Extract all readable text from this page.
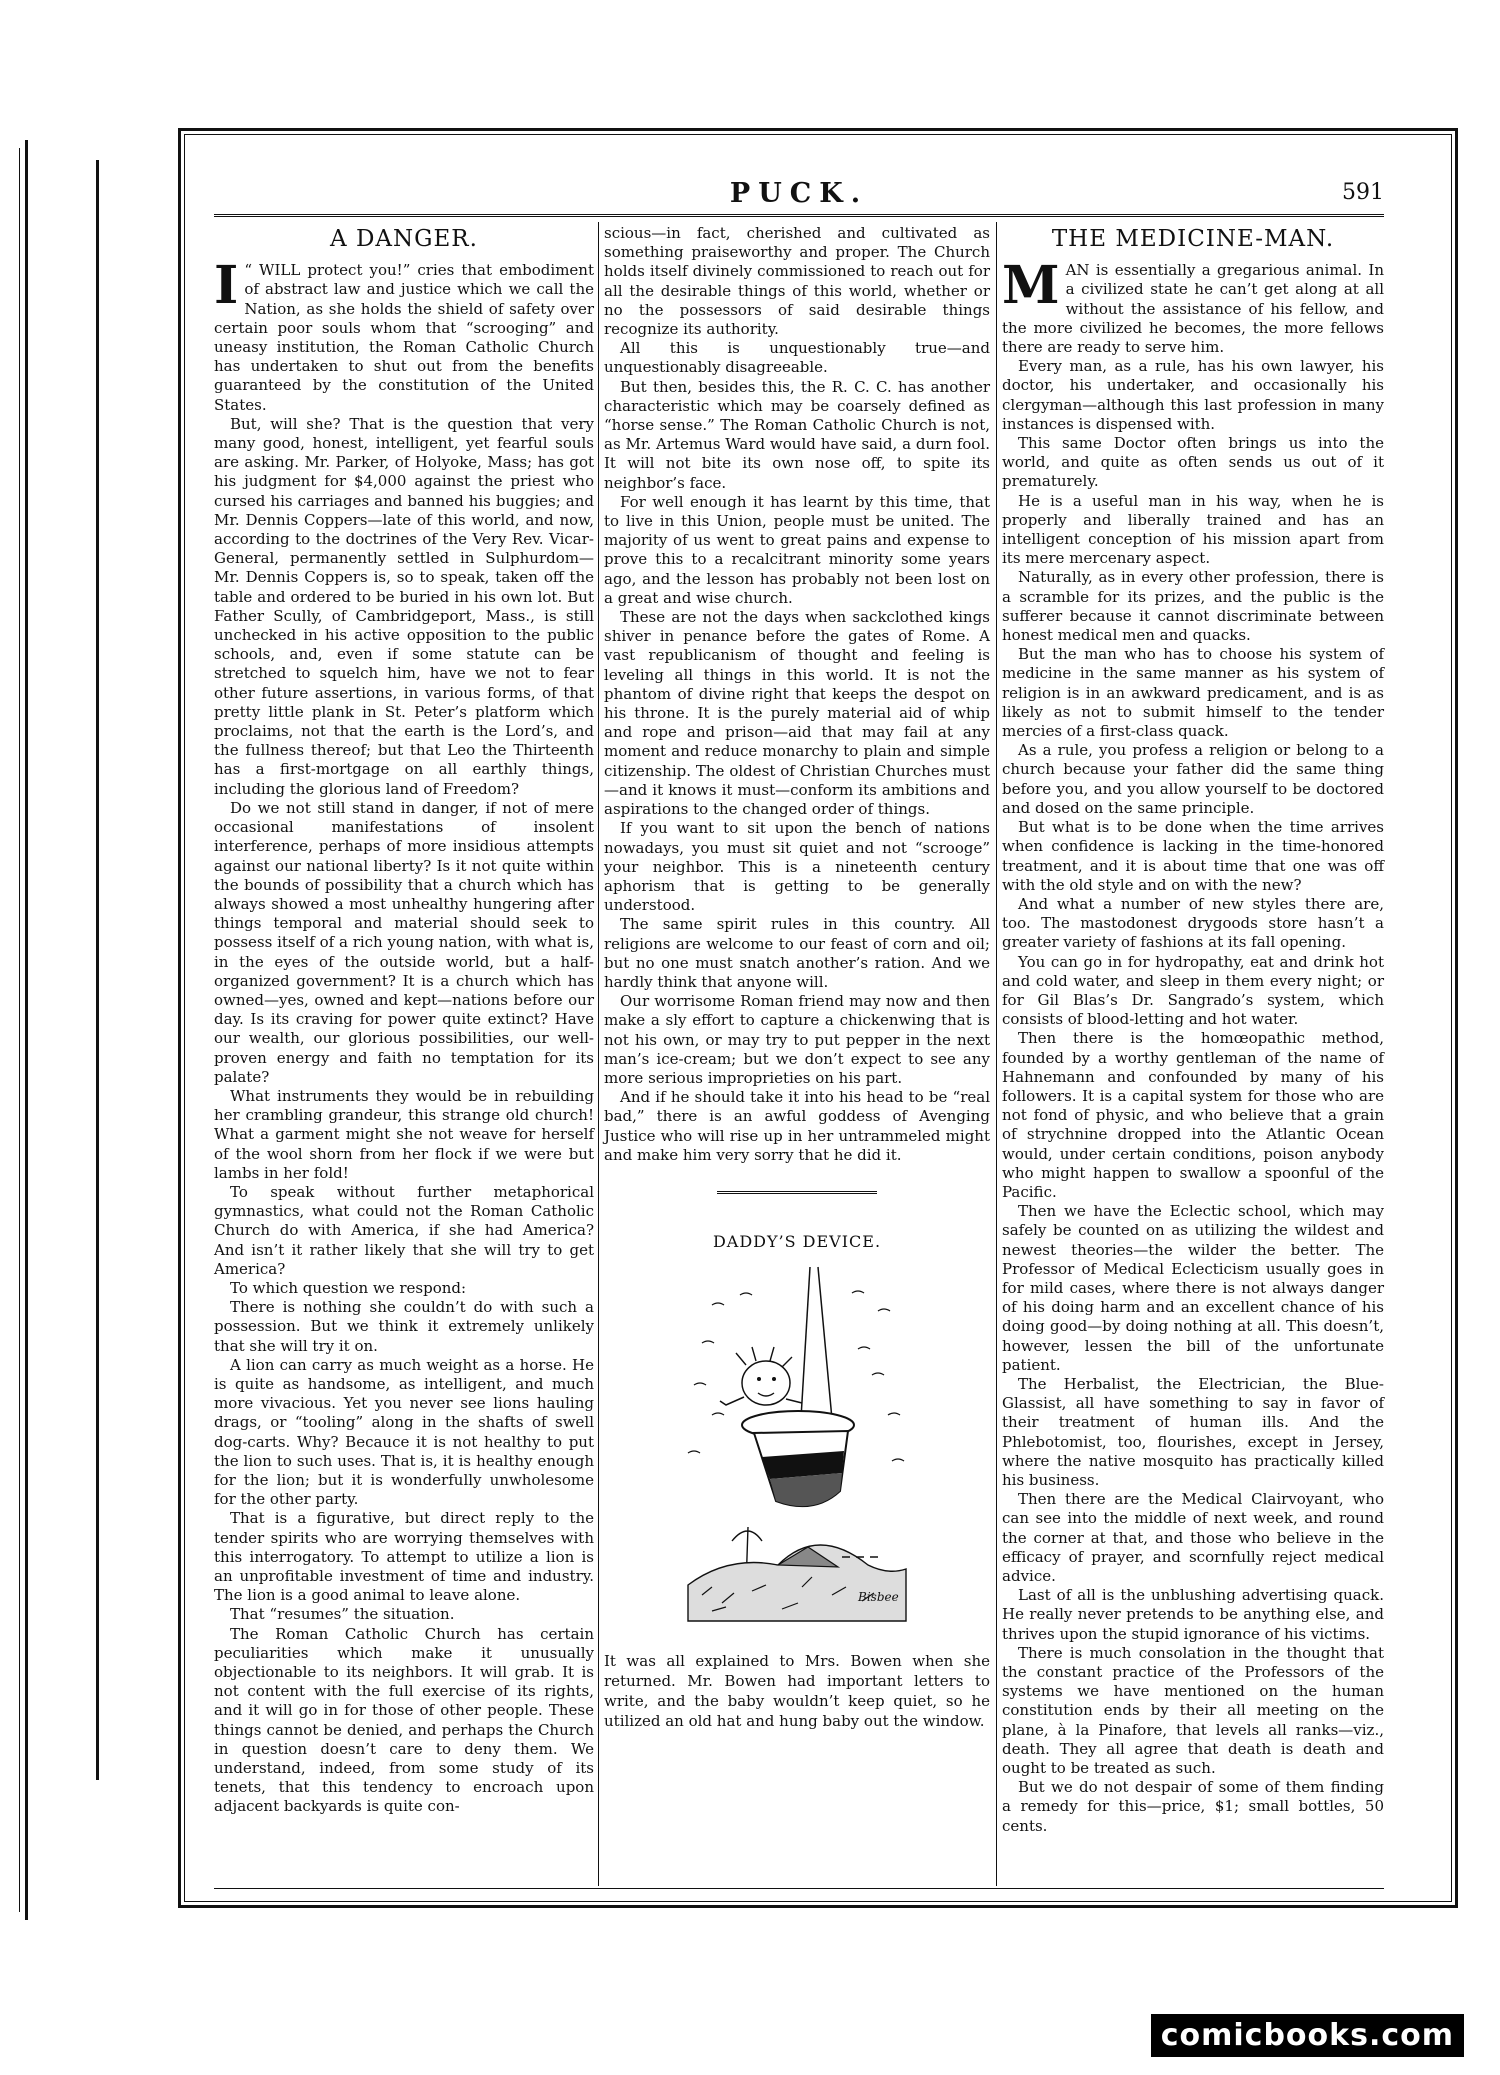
PUCK.	591
A DANGER.
I “ WILL protect you!” cries that embodiment of abstract law and justice which we call the Nation, as she holds the shield of safety over certain poor souls whom that “scrooging” and uneasy institution, the Roman Catholic Church has undertaken to shut out from the benefits guaranteed by the constitution of the United States.

But, will she? That is the question that very many good, honest, intelligent, yet fearful souls are asking. Mr. Parker, of Holyoke, Mass; has got his judgment for $4,000 against the priest who cursed his carriages and banned his buggies; and Mr. Dennis Coppers—late of this world, and now, according to the doctrines of the Very Rev. Vicar-General, permanently settled in Sulphurdom—Mr. Dennis Coppers is, so to speak, taken off the table and ordered to be buried in his own lot. But Father Scully, of Cambridgeport, Mass., is still unchecked in his active opposition to the public schools, and, even if some statute can be stretched to squelch him, have we not to fear other future assertions, in various forms, of that pretty little plank in St. Peter’s platform which proclaims, not that the earth is the Lord’s, and the fullness thereof; but that Leo the Thirteenth has a first-mortgage on all earthly things, including the glorious land of Freedom?

Do we not still stand in danger, if not of mere occasional manifestations of insolent interference, perhaps of more insidious attempts against our national liberty? Is it not quite within the bounds of possibility that a church which has always showed a most unhealthy hungering after things temporal and material should seek to possess itself of a rich young nation, with what is, in the eyes of the outside world, but a half-organized government? It is a church which has owned—yes, owned and kept—nations before our day. Is its craving for power quite extinct? Have our wealth, our glorious possibilities, our well-proven energy and faith no temptation for its palate?

What instruments they would be in rebuilding her crambling grandeur, this strange old church! What a garment might she not weave for herself of the wool shorn from her flock if we were but lambs in her fold!

To speak without further metaphorical gymnastics, what could not the Roman Catholic Church do with America, if she had America? And isn’t it rather likely that she will try to get America?

To which question we respond:

There is nothing she couldn’t do with such a possession. But we think it extremely unlikely that she will try it on.

A lion can carry as much weight as a horse. He is quite as handsome, as intelligent, and much more vivacious. Yet you never see lions hauling drags, or “tooling” along in the shafts of swell dog-carts. Why? Becauce it is not healthy to put the lion to such uses. That is, it is healthy enough for the lion; but it is wonderfully unwholesome for the other party.

That is a figurative, but direct reply to the tender spirits who are worrying themselves with this interrogatory. To attempt to utilize a lion is an unprofitable investment of time and industry. The lion is a good animal to leave alone.

That “resumes” the situation.

The Roman Catholic Church has certain peculiarities which make it unusually objectionable to its neighbors. It will grab. It is not content with the full exercise of its rights, and it will go in for those of other people. These things cannot be denied, and perhaps the Church in question doesn’t care to deny them. We understand, indeed, from some study of its tenets, that this tendency to encroach upon adjacent backyards is quite con-

scious—in fact, cherished and cultivated as something praiseworthy and proper. The Church holds itself divinely commissioned to reach out for all the desirable things of this world, whether or no the possessors of said desirable things recognize its authority.

All this is unquestionably true—and unquestionably disagreeable.

But then, besides this, the R. C. C. has another characteristic which may be coarsely defined as “horse sense.” The Roman Catholic Church is not, as Mr. Artemus Ward would have said, a durn fool. It will not bite its own nose off, to spite its neighbor’s face.

For well enough it has learnt by this time, that to live in this Union, people must be united. The majority of us went to great pains and expense to prove this to a recalcitrant minority some years ago, and the lesson has probably not been lost on a great and wise church.

These are not the days when sackclothed kings shiver in penance before the gates of Rome. A vast republicanism of thought and feeling is leveling all things in this world. It is not the phantom of divine right that keeps the despot on his throne. It is the purely material aid of whip and rope and prison—aid that may fail at any moment and reduce monarchy to plain and simple citizenship. The oldest of Christian Churches must—and it knows it must—conform its ambitions and aspirations to the changed order of things.

If you want to sit upon the bench of nations nowadays, you must sit quiet and not “scrooge” your neighbor. This is a nineteenth century aphorism that is getting to be generally understood.

The same spirit rules in this country. All religions are welcome to our feast of corn and oil; but no one must snatch another’s ration. And we hardly think that anyone will.

Our worrisome Roman friend may now and then make a sly effort to capture a chickenwing that is not his own, or may try to put pepper in the next man’s ice-cream; but we don’t expect to see any more serious improprieties on his part.

And if he should take it into his head to be “real bad,” there is an awful goddess of Avenging Justice who will rise up in her untrammeled might and make him very sorry that he did it.

DADDY’S DEVICE.
Bisbee

It was all explained to Mrs. Bowen when she returned. Mr. Bowen had important letters to write, and the baby wouldn’t keep quiet, so he utilized an old hat and hung baby out the window.

THE MEDICINE-MAN.
M AN is essentially a gregarious animal. In a civilized state he can’t get along at all without the assistance of his fellow, and the more civilized he becomes, the more fellows there are ready to serve him.

Every man, as a rule, has his own lawyer, his doctor, his undertaker, and occasionally his clergyman—although this last profession in many instances is dispensed with.

This same Doctor often brings us into the world, and quite as often sends us out of it prematurely.

He is a useful man in his way, when he is properly and liberally trained and has an intelligent conception of his mission apart from its mere mercenary aspect.

Naturally, as in every other profession, there is a scramble for its prizes, and the public is the sufferer because it cannot discriminate between honest medical men and quacks.

But the man who has to choose his system of medicine in the same manner as his system of religion is in an awkward predicament, and is as likely as not to submit himself to the tender mercies of a first-class quack.

As a rule, you profess a religion or belong to a church because your father did the same thing before you, and you allow yourself to be doctored and dosed on the same principle.

But what is to be done when the time arrives when confidence is lacking in the time-honored treatment, and it is about time that one was off with the old style and on with the new?

And what a number of new styles there are, too. The mastodonest drygoods store hasn’t a greater variety of fashions at its fall opening.

You can go in for hydropathy, eat and drink hot and cold water, and sleep in them every night; or for Gil Blas’s Dr. Sangrado’s system, which consists of blood-letting and hot water.

Then there is the homœopathic method, founded by a worthy gentleman of the name of Hahnemann and confounded by many of his followers. It is a capital system for those who are not fond of physic, and who believe that a grain of strychnine dropped into the Atlantic Ocean would, under certain conditions, poison anybody who might happen to swallow a spoonful of the Pacific.

Then we have the Eclectic school, which may safely be counted on as utilizing the wildest and newest theories—the wilder the better. The Professor of Medical Eclecticism usually goes in for mild cases, where there is not always danger of his doing harm and an excellent chance of his doing good—by doing nothing at all. This doesn’t, however, lessen the bill of the unfortunate patient.

The Herbalist, the Electrician, the Blue-Glassist, all have something to say in favor of their treatment of human ills. And the Phlebotomist, too, flourishes, except in Jersey, where the native mosquito has practically killed his business.

Then there are the Medical Clairvoyant, who can see into the middle of next week, and round the corner at that, and those who believe in the efficacy of prayer, and scornfully reject medical advice.

Last of all is the unblushing advertising quack. He really never pretends to be anything else, and thrives upon the stupid ignorance of his victims.

There is much consolation in the thought that the constant practice of the Professors of the systems we have mentioned on the human constitution ends by their all meeting on the plane, à la Pinafore, that levels all ranks—viz., death. They all agree that death is death and ought to be treated as such.

But we do not despair of some of them finding a remedy for this—price, $1; small bottles, 50 cents.

comicbooks.com
